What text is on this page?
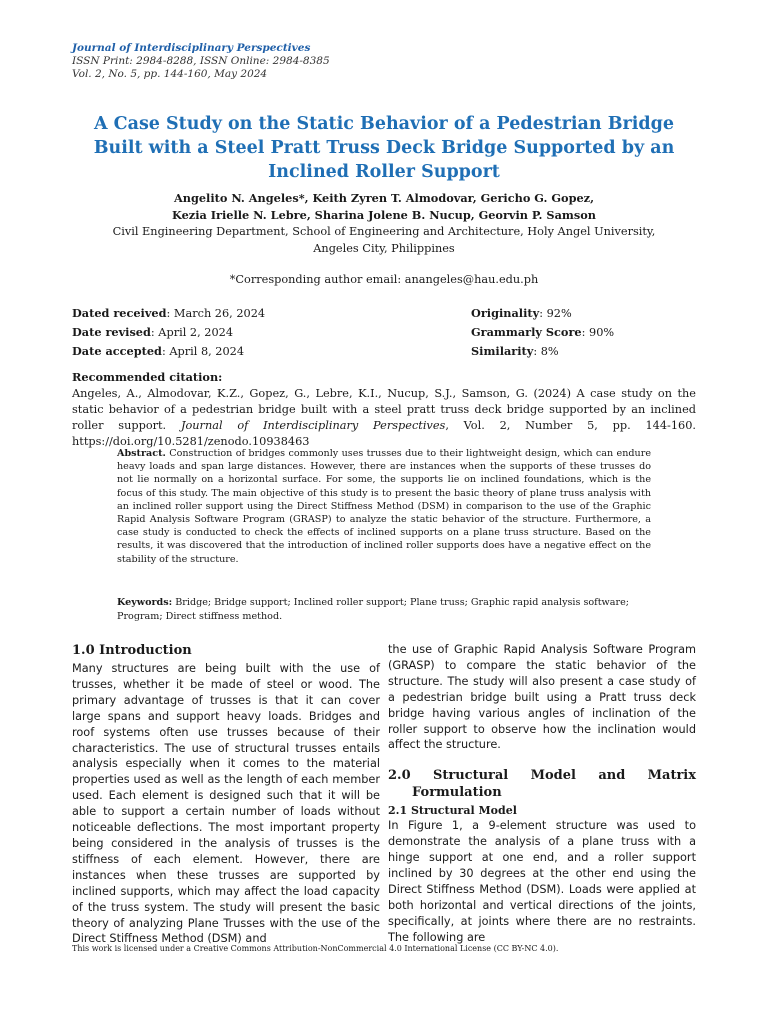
Journal of Interdisciplinary Perspectives
ISSN Print: 2984-8288, ISSN Online: 2984-8385
Vol. 2, No. 5, pp. 144-160, May 2024
A Case Study on the Static Behavior of a Pedestrian Bridge Built with a Steel Pratt Truss Deck Bridge Supported by an Inclined Roller Support
Angelito N. Angeles*, Keith Zyren T. Almodovar, Gericho G. Gopez,
Kezia Irielle N. Lebre, Sharina Jolene B. Nucup, Georvin P. Samson
Civil Engineering Department, School of Engineering and Architecture, Holy Angel University,
Angeles City, Philippines
*Corresponding author email: anangeles@hau.edu.ph
Dated received: March 26, 2024
Date revised: April 2, 2024
Date accepted: April 8, 2024
Originality: 92%
Grammarly Score: 90%
Similarity: 8%
Recommended citation:
Angeles, A., Almodovar, K.Z., Gopez, G., Lebre, K.I., Nucup, S.J., Samson, G. (2024) A case study on the static behavior of a pedestrian bridge built with a steel pratt truss deck bridge supported by an inclined roller support. Journal of Interdisciplinary Perspectives, Vol. 2, Number 5, pp. 144-160. https://doi.org/10.5281/zenodo.10938463
Abstract. Construction of bridges commonly uses trusses due to their lightweight design, which can endure heavy loads and span large distances. However, there are instances when the supports of these trusses do not lie normally on a horizontal surface. For some, the supports lie on inclined foundations, which is the focus of this study. The main objective of this study is to present the basic theory of plane truss analysis with an inclined roller support using the Direct Stiffness Method (DSM) in comparison to the use of the Graphic Rapid Analysis Software Program (GRASP) to analyze the static behavior of the structure. Furthermore, a case study is conducted to check the effects of inclined supports on a plane truss structure. Based on the results, it was discovered that the introduction of inclined roller supports does have a negative effect on the stability of the structure.
Keywords: Bridge; Bridge support; Inclined roller support; Plane truss; Graphic rapid analysis software; Program; Direct stiffness method.
1.0 Introduction

Many structures are being built with the use of trusses, whether it be made of steel or wood. The primary advantage of trusses is that it can cover large spans and support heavy loads. Bridges and roof systems often use trusses because of their characteristics. The use of structural trusses entails analysis especially when it comes to the material properties used as well as the length of each member used. Each element is designed such that it will be able to support a certain number of loads without noticeable deflections. The most important property being considered in the analysis of trusses is the stiffness of each element. However, there are instances when these trusses are supported by inclined supports, which may affect the load capacity of the truss system. The study will present the basic theory of analyzing Plane Trusses with the use of the Direct Stiffness Method (DSM) and

the use of Graphic Rapid Analysis Software Program (GRASP) to compare the static behavior of the structure. The study will also present a case study of a pedestrian bridge built using a Pratt truss deck bridge having various angles of inclination of the roller support to observe how the inclination would affect the structure.

2.0 Structural Model and Matrix Formulation
2.1 Structural Model

In Figure 1, a 9-element structure was used to demonstrate the analysis of a plane truss with a hinge support at one end, and a roller support inclined by 30 degrees at the other end using the Direct Stiffness Method (DSM). Loads were applied at both horizontal and vertical directions of the joints, specifically, at joints where there are no restraints. The following are

This work is licensed under a Creative Commons Attribution-NonCommercial 4.0 International License (CC BY-NC 4.0).
